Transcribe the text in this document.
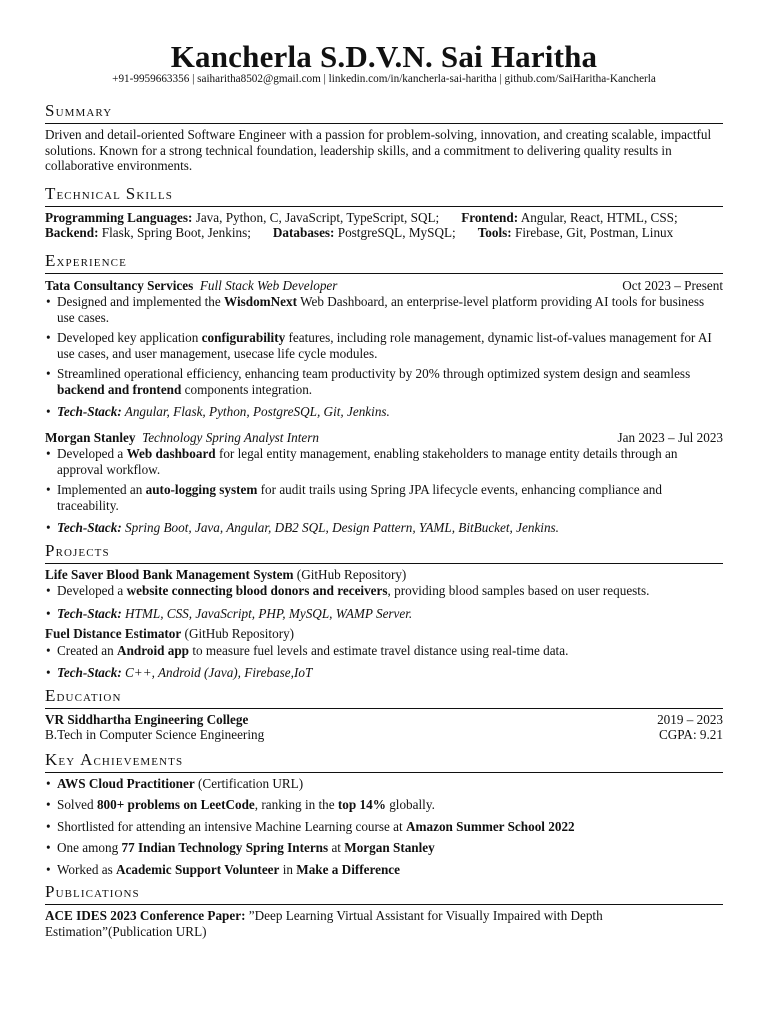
Kancherla S.D.V.N. Sai Haritha
+91-9959663356 | saiharitha8502@gmail.com | linkedin.com/in/kancherla-sai-haritha | github.com/SaiHaritha-Kancherla
Summary
Driven and detail-oriented Software Engineer with a passion for problem-solving, innovation, and creating scalable, impactful solutions. Known for a strong technical foundation, leadership skills, and a commitment to delivering quality results in collaborative environments.
Technical Skills
Programming Languages: Java, Python, C, JavaScript, TypeScript, SQL; Frontend: Angular, React, HTML, CSS;
Backend: Flask, Spring Boot, Jenkins; Databases: PostgreSQL, MySQL; Tools: Firebase, Git, Postman, Linux
Experience
Tata Consultancy Services Full Stack Web Developer	Oct 2023 – Present
• Designed and implemented the WisdomNext Web Dashboard, an enterprise-level platform providing AI tools for business use cases.
• Developed key application configurability features, including role management, dynamic list-of-values management for AI use cases, and user management, usecase life cycle modules.
• Streamlined operational efficiency, enhancing team productivity by 20% through optimized system design and seamless backend and frontend components integration.
• Tech-Stack: Angular, Flask, Python, PostgreSQL, Git, Jenkins.
Morgan Stanley Technology Spring Analyst Intern	Jan 2023 – Jul 2023
• Developed a Web dashboard for legal entity management, enabling stakeholders to manage entity details through an approval workflow.
• Implemented an auto-logging system for audit trails using Spring JPA lifecycle events, enhancing compliance and traceability.
• Tech-Stack: Spring Boot, Java, Angular, DB2 SQL, Design Pattern, YAML, BitBucket, Jenkins.
Projects
Life Saver Blood Bank Management System (GitHub Repository)
• Developed a website connecting blood donors and receivers, providing blood samples based on user requests.
• Tech-Stack: HTML, CSS, JavaScript, PHP, MySQL, WAMP Server.
Fuel Distance Estimator (GitHub Repository)
• Created an Android app to measure fuel levels and estimate travel distance using real-time data.
• Tech-Stack: C++, Android (Java), Firebase,IoT
Education
VR Siddhartha Engineering College	2019 – 2023
B.Tech in Computer Science Engineering	CGPA: 9.21
Key Achievements
• AWS Cloud Practitioner (Certification URL)
• Solved 800+ problems on LeetCode, ranking in the top 14% globally.
• Shortlisted for attending an intensive Machine Learning course at Amazon Summer School 2022
• One among 77 Indian Technology Spring Interns at Morgan Stanley
• Worked as Academic Support Volunteer in Make a Difference
Publications
ACE IDES 2023 Conference Paper: ”Deep Learning Virtual Assistant for Visually Impaired with Depth Estimation”(Publication URL)
